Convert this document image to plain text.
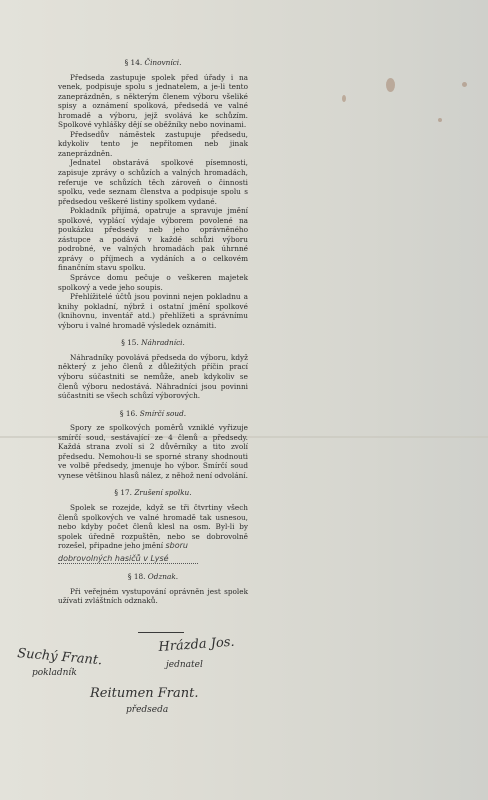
§ 14. Činovníci.

Předseda zastupuje spolek před úřady i na venek, podpisuje spolu s jednatelem, a je-li tento zaneprázdněn, s některým členem výboru všeliké spisy a oznámení spolková, předsedá ve valné hromadě a výboru, jejž svolává ke schůzím. Spolkové vyhlášky dějí se oběžníky nebo novinami.

Předsedův náměstek zastupuje předsedu, kdykoliv tento je nepřítomen neb jinak zaneprázdněn.

Jednatel obstarává spolkové písemnosti, zapisuje zprávy o schůzích a valných hromadách, referuje ve schůzích těch zároveň o činnosti spolku, vede seznam členstva a podpisuje spolu s předsedou veškeré listiny spolkem vydané.

Pokladník přijímá, opatruje a spravuje jmění spolkové, vyplácí výdaje výborem povolené na poukázku předsedy neb jeho oprávněného zástupce a podává v každé schůzi výboru podrobné, ve valných hromadách pak úhrnné zprávy o příjmech a vydáních a o celkovém finančním stavu spolku.

Správce domu pečuje o veškeren majetek spolkový a vede jeho soupis.

Přehlížitelé účtů jsou povinni nejen pokladnu a knihy pokladní, nýbrž i ostatní jmění spolkové (knihovnu, inventář atd.) přehlížeti a správnímu výboru i valné hromadě výsledek oznámiti.

§ 15. Náhradníci.

Náhradníky povolává předseda do výboru, když některý z jeho členů z důležitých příčin prací výboru súčastniti se nemůže, aneb kdykoliv se členů výboru nedostává. Náhradníci jsou povinni súčastniti se všech schůzí výborových.

§ 16. Smírčí soud.

Spory ze spolkových poměrů vzniklé vyřizuje smírčí soud, sestávající ze 4 členů a předsedy. Každá strana zvolí si 2 důvěrníky a tito zvolí předsedu. Nemohou-li se sporné strany shodnouti ve volbě předsedy, jmenuje ho výbor. Smírčí soud vynese většinou hlasů nález, z něhož není odvolání.

§ 17. Zrušení spolku.

Spolek se rozejde, když se tři čtvrtiny všech členů spolkových ve valné hromadě tak usnesou, nebo kdyby počet členů klesl na osm. Byl-li by spolek úředně rozpuštěn, nebo se dobrovolně rozešel, připadne jeho jmění sboru

dobrovolných hasičů v Lysé
§ 18. Odznak.

Při veřejném vystupování oprávněn jest spolek užívati zvláštních odznaků.

Suchý Frant.
pokladník
Hrázda Jos.
jednatel
Reitumen Frant.
předseda
